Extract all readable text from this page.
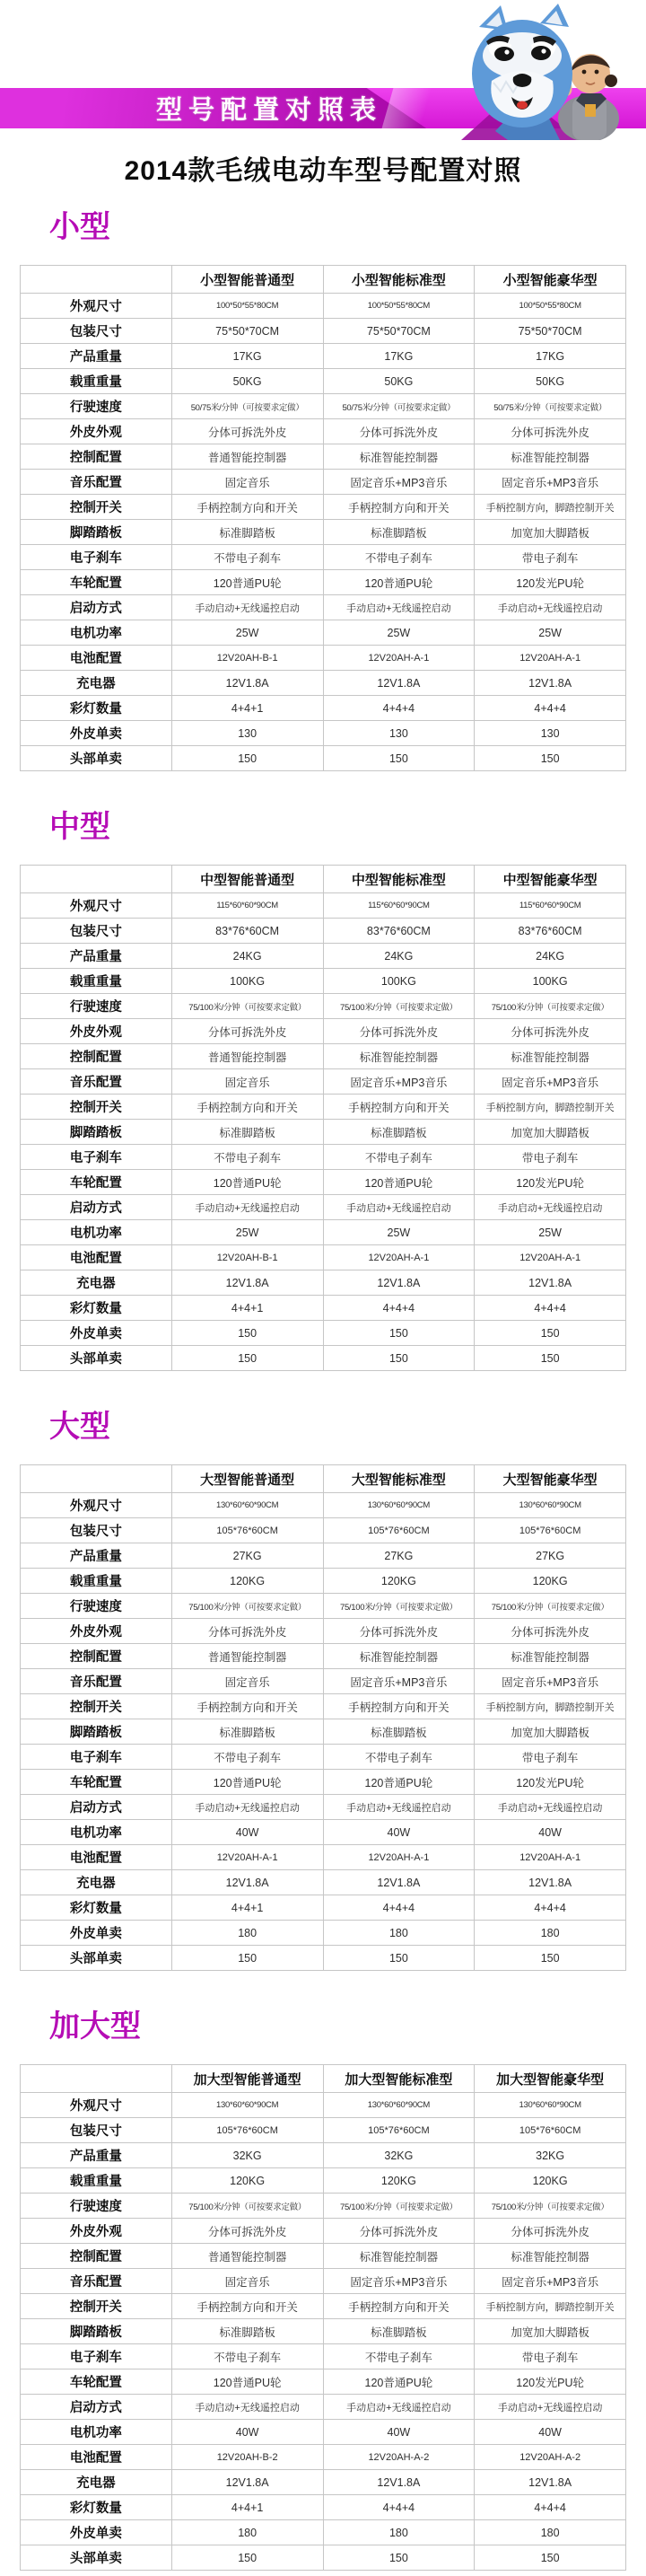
型号配置对照表
2014款毛绒电动车型号配置对照
小型
	小型智能普通型	小型智能标准型	小型智能豪华型
外观尺寸	100*50*55*80CM	100*50*55*80CM	100*50*55*80CM
包装尺寸	75*50*70CM	75*50*70CM	75*50*70CM
产品重量	17KG	17KG	17KG
载重重量	50KG	50KG	50KG
行驶速度	50/75米/分钟（可按要求定做）	50/75米/分钟（可按要求定做）	50/75米/分钟（可按要求定做）
外皮外观	分体可拆洗外皮	分体可拆洗外皮	分体可拆洗外皮
控制配置	普通智能控制器	标准智能控制器	标准智能控制器
音乐配置	固定音乐	固定音乐+MP3音乐	固定音乐+MP3音乐
控制开关	手柄控制方向和开关	手柄控制方向和开关	手柄控制方向，脚踏控制开关
脚踏踏板	标准脚踏板	标准脚踏板	加宽加大脚踏板
电子刹车	不带电子刹车	不带电子刹车	带电子刹车
车轮配置	120普通PU轮	120普通PU轮	120发光PU轮
启动方式	手动启动+无线遥控启动	手动启动+无线遥控启动	手动启动+无线遥控启动
电机功率	25W	25W	25W
电池配置	12V20AH-B-1	12V20AH-A-1	12V20AH-A-1
充电器	12V1.8A	12V1.8A	12V1.8A
彩灯数量	4+4+1	4+4+4	4+4+4
外皮单卖	130	130	130
头部单卖	150	150	150
中型
	中型智能普通型	中型智能标准型	中型智能豪华型
外观尺寸	115*60*60*90CM	115*60*60*90CM	115*60*60*90CM
包装尺寸	83*76*60CM	83*76*60CM	83*76*60CM
产品重量	24KG	24KG	24KG
载重重量	100KG	100KG	100KG
行驶速度	75/100米/分钟（可按要求定做）	75/100米/分钟（可按要求定做）	75/100米/分钟（可按要求定做）
外皮外观	分体可拆洗外皮	分体可拆洗外皮	分体可拆洗外皮
控制配置	普通智能控制器	标准智能控制器	标准智能控制器
音乐配置	固定音乐	固定音乐+MP3音乐	固定音乐+MP3音乐
控制开关	手柄控制方向和开关	手柄控制方向和开关	手柄控制方向，脚踏控制开关
脚踏踏板	标准脚踏板	标准脚踏板	加宽加大脚踏板
电子刹车	不带电子刹车	不带电子刹车	带电子刹车
车轮配置	120普通PU轮	120普通PU轮	120发光PU轮
启动方式	手动启动+无线遥控启动	手动启动+无线遥控启动	手动启动+无线遥控启动
电机功率	25W	25W	25W
电池配置	12V20AH-B-1	12V20AH-A-1	12V20AH-A-1
充电器	12V1.8A	12V1.8A	12V1.8A
彩灯数量	4+4+1	4+4+4	4+4+4
外皮单卖	150	150	150
头部单卖	150	150	150
大型
	大型智能普通型	大型智能标准型	大型智能豪华型
外观尺寸	130*60*60*90CM	130*60*60*90CM	130*60*60*90CM
包装尺寸	105*76*60CM	105*76*60CM	105*76*60CM
产品重量	27KG	27KG	27KG
载重重量	120KG	120KG	120KG
行驶速度	75/100米/分钟（可按要求定做）	75/100米/分钟（可按要求定做）	75/100米/分钟（可按要求定做）
外皮外观	分体可拆洗外皮	分体可拆洗外皮	分体可拆洗外皮
控制配置	普通智能控制器	标准智能控制器	标准智能控制器
音乐配置	固定音乐	固定音乐+MP3音乐	固定音乐+MP3音乐
控制开关	手柄控制方向和开关	手柄控制方向和开关	手柄控制方向，脚踏控制开关
脚踏踏板	标准脚踏板	标准脚踏板	加宽加大脚踏板
电子刹车	不带电子刹车	不带电子刹车	带电子刹车
车轮配置	120普通PU轮	120普通PU轮	120发光PU轮
启动方式	手动启动+无线遥控启动	手动启动+无线遥控启动	手动启动+无线遥控启动
电机功率	40W	40W	40W
电池配置	12V20AH-A-1	12V20AH-A-1	12V20AH-A-1
充电器	12V1.8A	12V1.8A	12V1.8A
彩灯数量	4+4+1	4+4+4	4+4+4
外皮单卖	180	180	180
头部单卖	150	150	150
加大型
	加大型智能普通型	加大型智能标准型	加大型智能豪华型
外观尺寸	130*60*60*90CM	130*60*60*90CM	130*60*60*90CM
包装尺寸	105*76*60CM	105*76*60CM	105*76*60CM
产品重量	32KG	32KG	32KG
载重重量	120KG	120KG	120KG
行驶速度	75/100米/分钟（可按要求定做）	75/100米/分钟（可按要求定做）	75/100米/分钟（可按要求定做）
外皮外观	分体可拆洗外皮	分体可拆洗外皮	分体可拆洗外皮
控制配置	普通智能控制器	标准智能控制器	标准智能控制器
音乐配置	固定音乐	固定音乐+MP3音乐	固定音乐+MP3音乐
控制开关	手柄控制方向和开关	手柄控制方向和开关	手柄控制方向，脚踏控制开关
脚踏踏板	标准脚踏板	标准脚踏板	加宽加大脚踏板
电子刹车	不带电子刹车	不带电子刹车	带电子刹车
车轮配置	120普通PU轮	120普通PU轮	120发光PU轮
启动方式	手动启动+无线遥控启动	手动启动+无线遥控启动	手动启动+无线遥控启动
电机功率	40W	40W	40W
电池配置	12V20AH-B-2	12V20AH-A-2	12V20AH-A-2
充电器	12V1.8A	12V1.8A	12V1.8A
彩灯数量	4+4+1	4+4+4	4+4+4
外皮单卖	180	180	180
头部单卖	150	150	150
